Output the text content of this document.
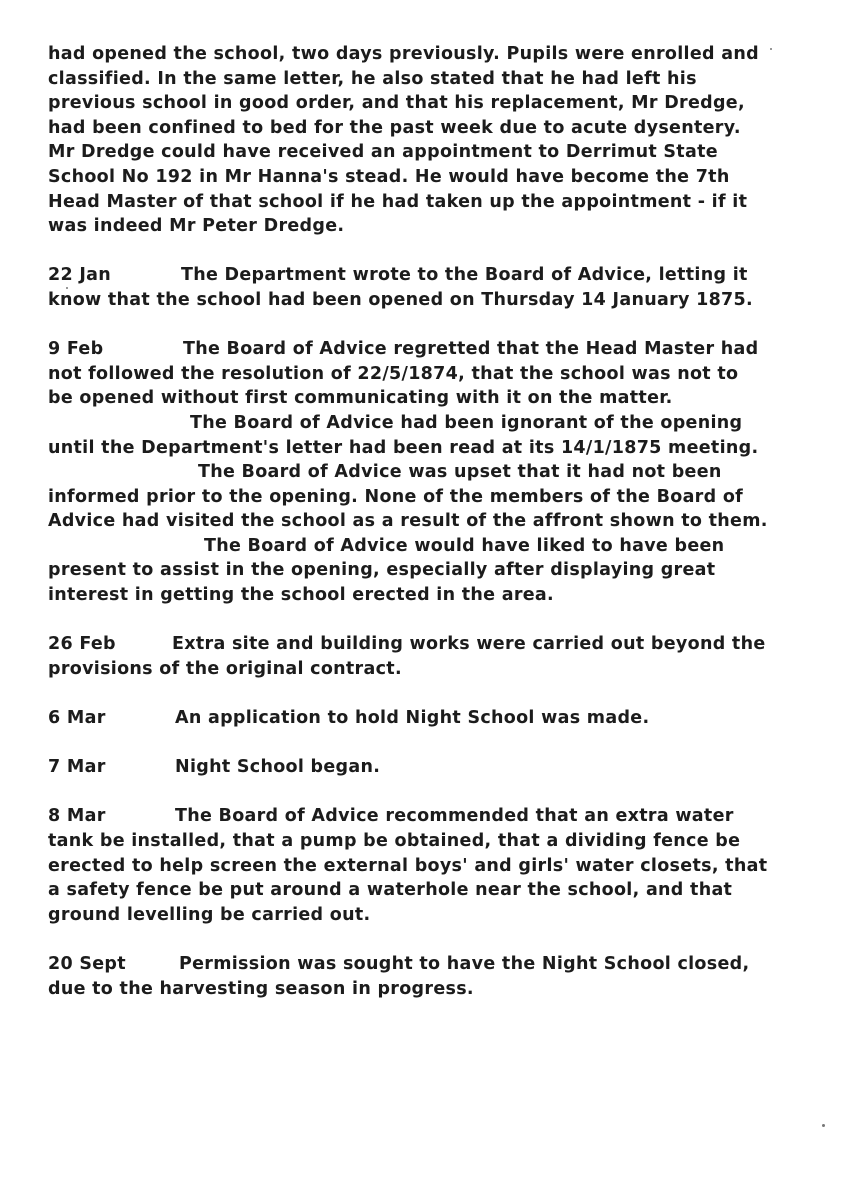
had opened the school, two days previously. Pupils were enrolled and classified. In the same letter, he also stated that he had left his previous school in good order, and that his replacement, Mr Dredge, had been confined to bed for the past week due to acute dysentery. Mr Dredge could have received an appointment to Derrimut State School No 192 in Mr Hanna's stead. He would have become the 7th Head Master of that school if he had taken up the appointment - if it was indeed Mr Peter Dredge.

22 Jan	The Department wrote to the Board of Advice, letting it know that the school had been opened on Thursday 14 January 1875.

9 Feb	The Board of Advice regretted that the Head Master had not followed the resolution of 22/5/1874, that the school was not to be opened without first communicating with it on the matter.

The Board of Advice had been ignorant of the opening until the Department's letter had been read at its 14/1/1875 meeting.

The Board of Advice was upset that it had not been informed prior to the opening. None of the members of the Board of Advice had visited the school as a result of the affront shown to them.

The Board of Advice would have liked to have been present to assist in the opening, especially after displaying great interest in getting the school erected in the area.

26 Feb	Extra site and building works were carried out beyond the provisions of the original contract.

6 Mar	An application to hold Night School was made.

7 Mar	Night School began.

8 Mar	The Board of Advice recommended that an extra water tank be installed, that a pump be obtained, that a dividing fence be erected to help screen the external boys' and girls' water closets, that a safety fence be put around a waterhole near the school, and that ground levelling be carried out.

20 Sept	Permission was sought to have the Night School closed, due to the harvesting season in progress.
